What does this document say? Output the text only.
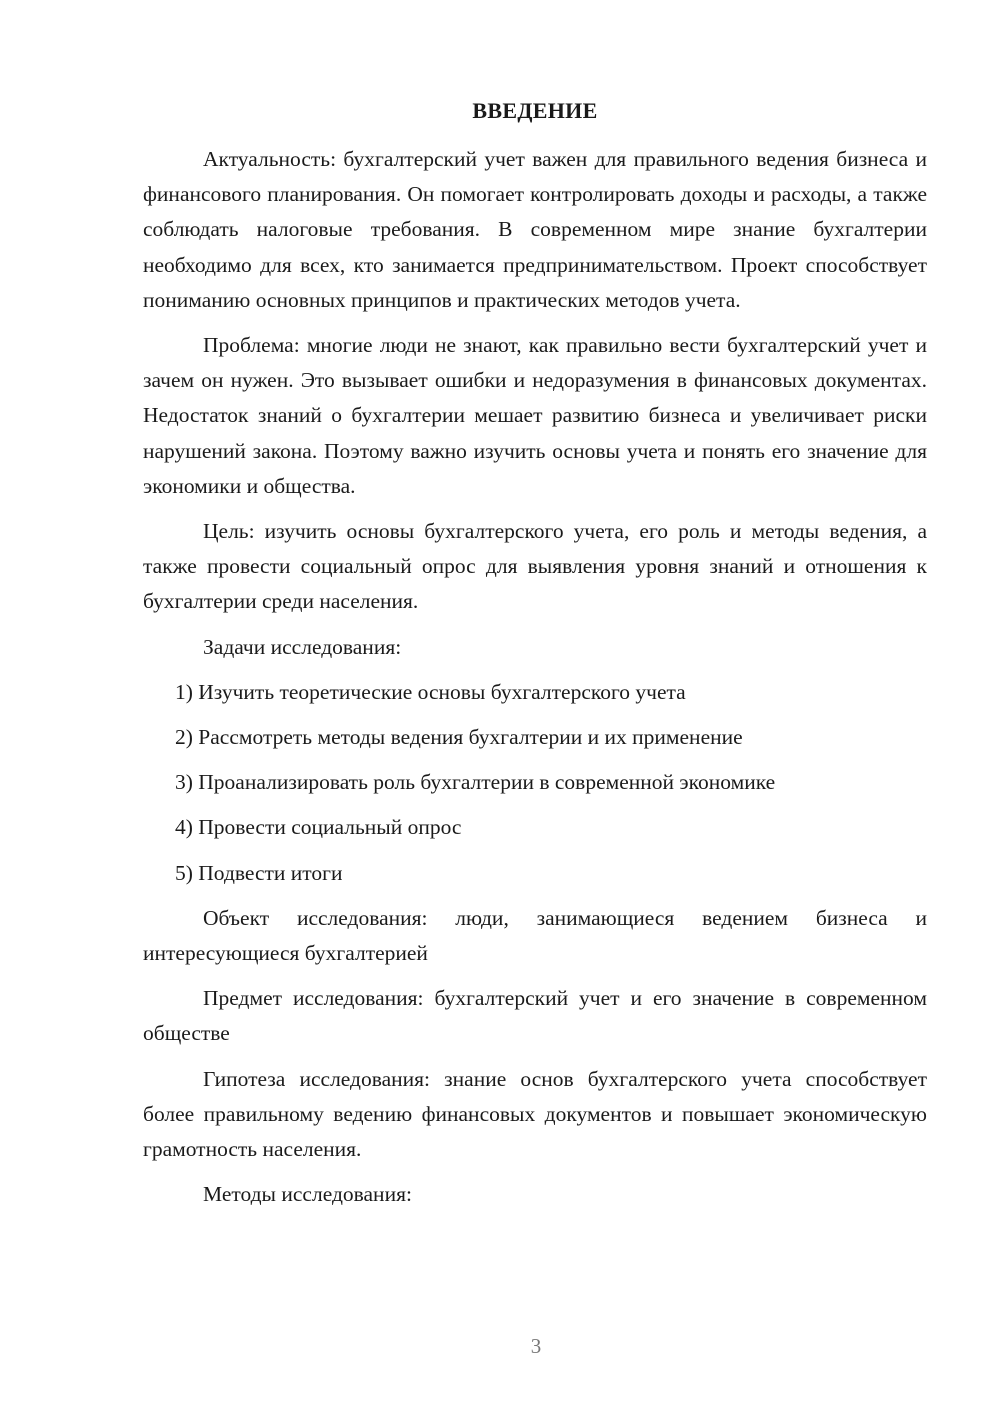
ВВЕДЕНИЕ

Актуальность: бухгалтерский учет важен для правильного ведения бизнеса и финансового планирования. Он помогает контролировать доходы и расходы, а также соблюдать налоговые требования. В современном мире знание бухгалтерии необходимо для всех, кто занимается предпринимательством. Проект способствует пониманию основных принципов и практических методов учета.

Проблема: многие люди не знают, как правильно вести бухгалтерский учет и зачем он нужен. Это вызывает ошибки и недоразумения в финансовых документах. Недостаток знаний о бухгалтерии мешает развитию бизнеса и увеличивает риски нарушений закона. Поэтому важно изучить основы учета и понять его значение для экономики и общества.

Цель: изучить основы бухгалтерского учета, его роль и методы ведения, а также провести социальный опрос для выявления уровня знаний и отношения к бухгалтерии среди населения.

Задачи исследования:

1) Изучить теоретические основы бухгалтерского учета
2) Рассмотреть методы ведения бухгалтерии и их применение
3) Проанализировать роль бухгалтерии в современной экономике
4) Провести социальный опрос
5) Подвести итоги

Объект исследования: люди, занимающиеся ведением бизнеса и интересующиеся бухгалтерией

Предмет исследования: бухгалтерский учет и его значение в современном обществе

Гипотеза исследования: знание основ бухгалтерского учета способствует более правильному ведению финансовых документов и повышает экономическую грамотность населения.

Методы исследования:

3
